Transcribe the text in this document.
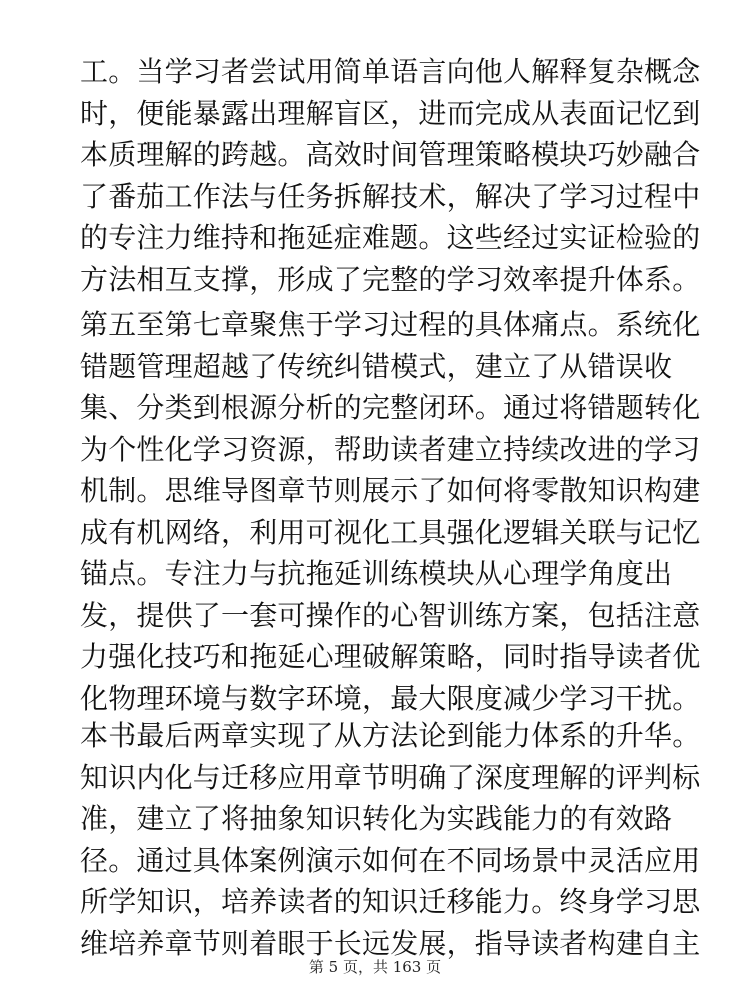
工。当学习者尝试用简单语言向他人解释复杂概念
时，便能暴露出理解盲区，进而完成从表面记忆到
本质理解的跨越。高效时间管理策略模块巧妙融合
了番茄工作法与任务拆解技术，解决了学习过程中
的专注力维持和拖延症难题。这些经过实证检验的
方法相互支撑，形成了完整的学习效率提升体系。
第五至第七章聚焦于学习过程的具体痛点。系统化
错题管理超越了传统纠错模式，建立了从错误收
集、分类到根源分析的完整闭环。通过将错题转化
为个性化学习资源，帮助读者建立持续改进的学习
机制。思维导图章节则展示了如何将零散知识构建
成有机网络，利用可视化工具强化逻辑关联与记忆
锚点。专注力与抗拖延训练模块从心理学角度出
发，提供了一套可操作的心智训练方案，包括注意
力强化技巧和拖延心理破解策略，同时指导读者优
化物理环境与数字环境，最大限度减少学习干扰。
本书最后两章实现了从方法论到能力体系的升华。
知识内化与迁移应用章节明确了深度理解的评判标
准，建立了将抽象知识转化为实践能力的有效路
径。通过具体案例演示如何在不同场景中灵活应用
所学知识，培养读者的知识迁移能力。终身学习思
维培养章节则着眼于长远发展，指导读者构建自主
第 5 页，共 163 页
